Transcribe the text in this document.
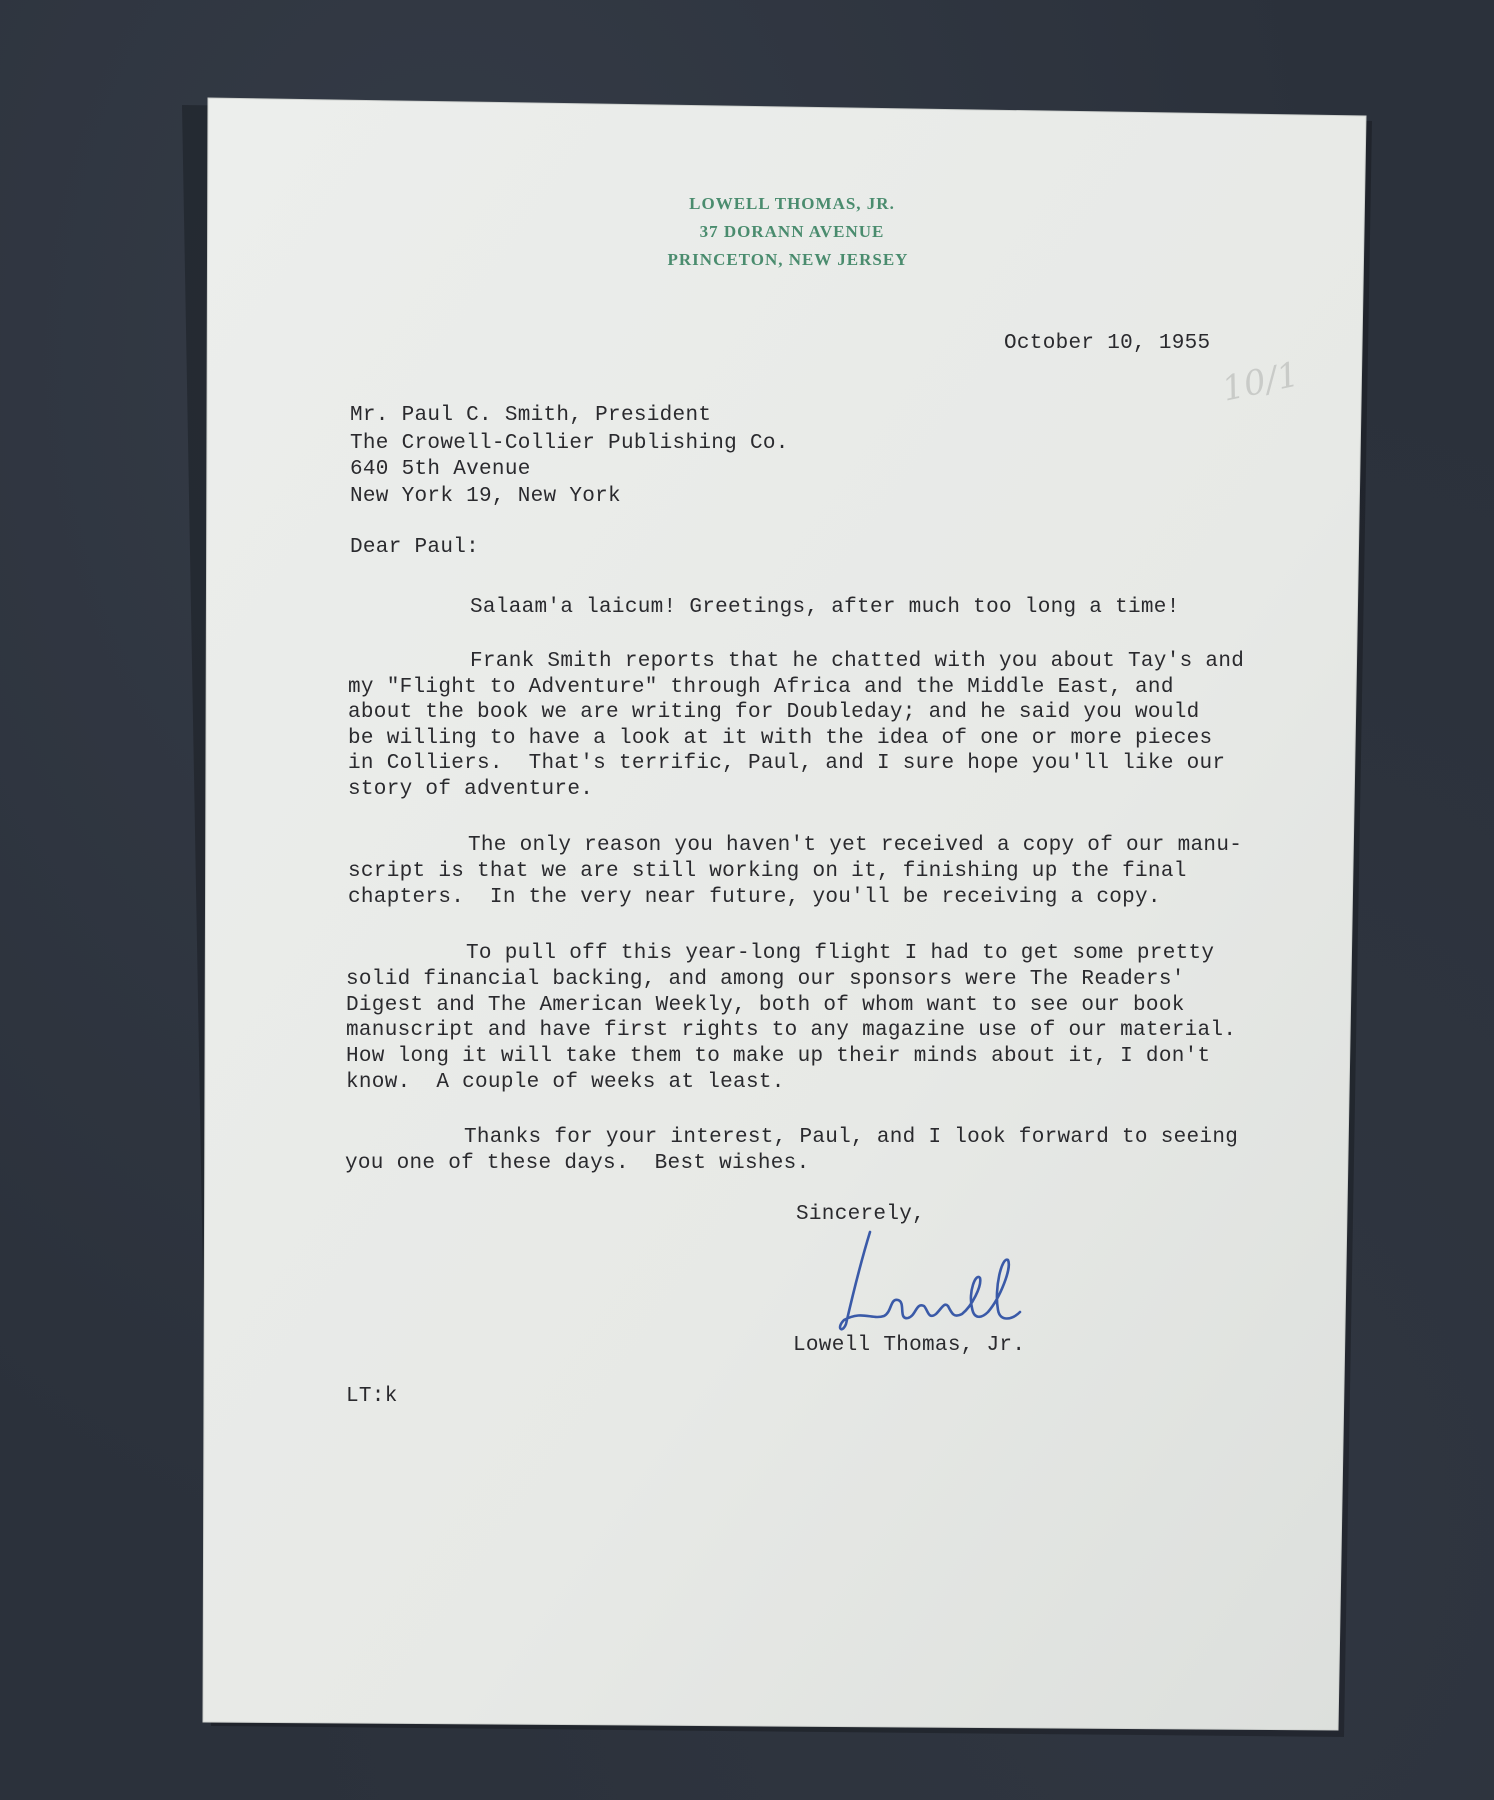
LOWELL THOMAS, JR.
37 DORANN AVENUE
PRINCETON, NEW JERSEY
October 10, 1955
10/1
Mr. Paul C. Smith, President
The Crowell-Collier Publishing Co.
640 5th Avenue
New York 19, New York
Dear Paul:
Salaam'a laicum! Greetings, after much too long a time!
Frank Smith reports that he chatted with you about Tay's and
my "Flight to Adventure" through Africa and the Middle East, and
about the book we are writing for Doubleday; and he said you would
be willing to have a look at it with the idea of one or more pieces
in Colliers.  That's terrific, Paul, and I sure hope you'll like our
story of adventure.
The only reason you haven't yet received a copy of our manu-
script is that we are still working on it, finishing up the final
chapters.  In the very near future, you'll be receiving a copy.
To pull off this year-long flight I had to get some pretty
solid financial backing, and among our sponsors were The Readers'
Digest and The American Weekly, both of whom want to see our book
manuscript and have first rights to any magazine use of our material.
How long it will take them to make up their minds about it, I don't
know.  A couple of weeks at least.
Thanks for your interest, Paul, and I look forward to seeing
you one of these days.  Best wishes.
Sincerely,
Lowell Thomas, Jr.
LT:k
